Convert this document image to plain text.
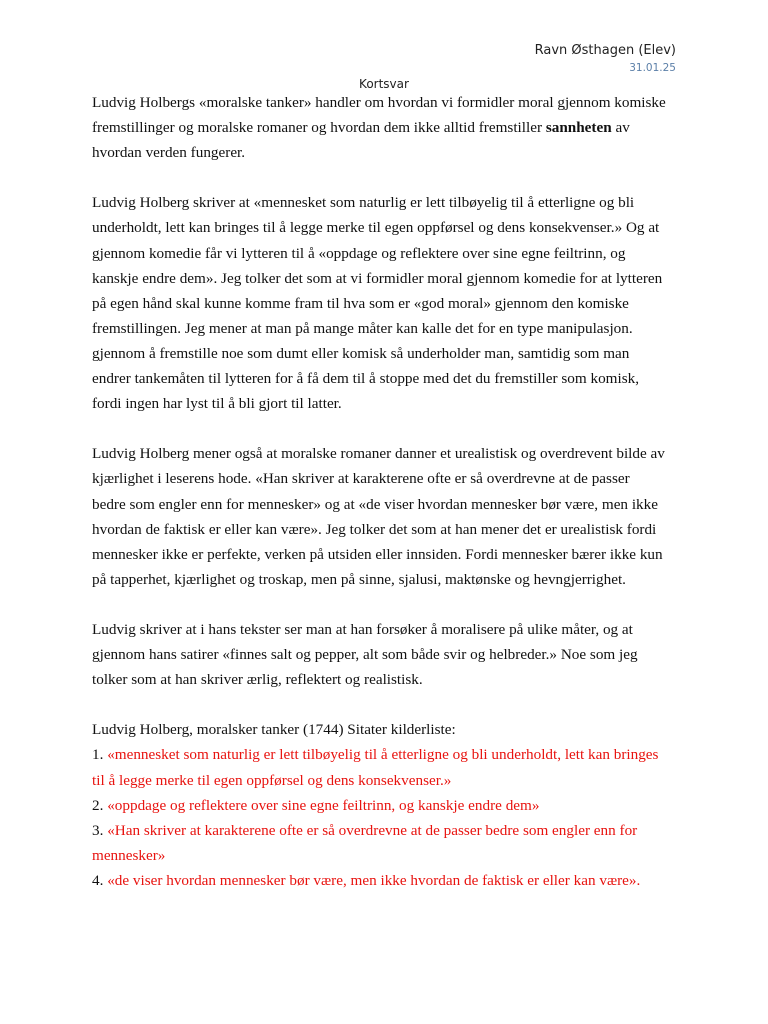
Ravn Østhagen (Elev)
31.01.25
Kortsvar
Ludvig Holbergs «moralske tanker» handler om hvordan vi formidler moral gjennom komiske
fremstillinger og moralske romaner og hvordan dem ikke alltid fremstiller sannheten av
hvordan verden fungerer.
Ludvig Holberg skriver at «mennesket som naturlig er lett tilbøyelig til å etterligne og bli
underholdt, lett kan bringes til å legge merke til egen oppførsel og dens konsekvenser.» Og at
gjennom komedie får vi lytteren til å «oppdage og reflektere over sine egne feiltrinn, og
kanskje endre dem». Jeg tolker det som at vi formidler moral gjennom komedie for at lytteren
på egen hånd skal kunne komme fram til hva som er «god moral» gjennom den komiske
fremstillingen. Jeg mener at man på mange måter kan kalle det for en type manipulasjon.
gjennom å fremstille noe som dumt eller komisk så underholder man, samtidig som man
endrer tankemåten til lytteren for å få dem til å stoppe med det du fremstiller som komisk,
fordi ingen har lyst til å bli gjort til latter.
Ludvig Holberg mener også at moralske romaner danner et urealistisk og overdrevent bilde av
kjærlighet i leserens hode. «Han skriver at karakterene ofte er så overdrevne at de passer
bedre som engler enn for mennesker» og at «de viser hvordan mennesker bør være, men ikke
hvordan de faktisk er eller kan være». Jeg tolker det som at han mener det er urealistisk fordi
mennesker ikke er perfekte, verken på utsiden eller innsiden. Fordi mennesker bærer ikke kun
på tapperhet, kjærlighet og troskap, men på sinne, sjalusi, maktønske og hevngjerrighet.
Ludvig skriver at i hans tekster ser man at han forsøker å moralisere på ulike måter, og at
gjennom hans satirer «finnes salt og pepper, alt som både svir og helbreder.» Noe som jeg
tolker som at han skriver ærlig, reflektert og realistisk.
Ludvig Holberg, moralsker tanker (1744) Sitater kilderliste:
1. «mennesket som naturlig er lett tilbøyelig til å etterligne og bli underholdt, lett kan bringes
til å legge merke til egen oppførsel og dens konsekvenser.»
2. «oppdage og reflektere over sine egne feiltrinn, og kanskje endre dem»
3. «Han skriver at karakterene ofte er så overdrevne at de passer bedre som engler enn for
mennesker»
4. «de viser hvordan mennesker bør være, men ikke hvordan de faktisk er eller kan være».
